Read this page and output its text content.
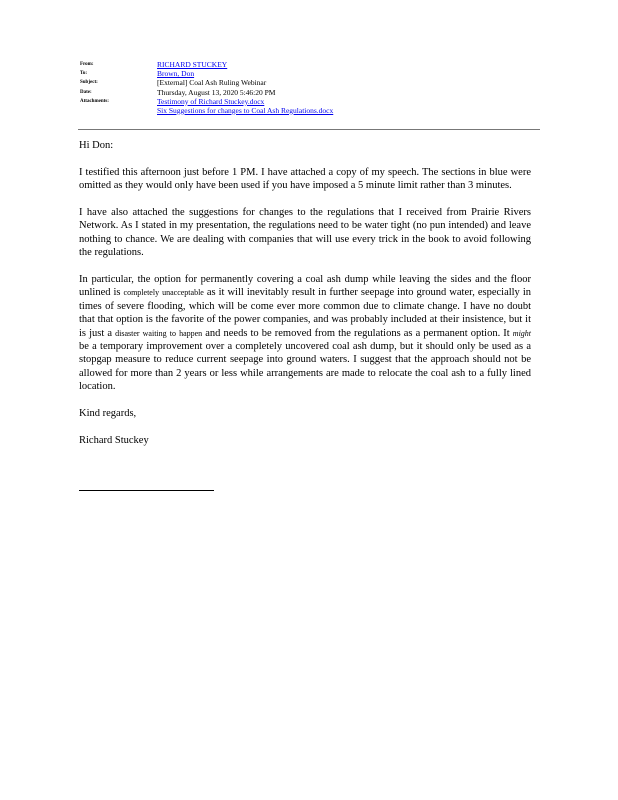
From:	RICHARD STUCKEY
To:	Brown, Don
Subject:	[External] Coal Ash Ruling Webinar
Date:	Thursday, August 13, 2020 5:46:20 PM
Attachments:	Testimony of Richard Stuckey.docx
Six Suggestions for changes to Coal Ash Regulations.docx

Hi Don:

I testified this afternoon just before 1 PM. I have attached a copy of my speech. The sections in blue were omitted as they would only have been used if you have imposed a 5 minute limit rather than 3 minutes.

I have also attached the suggestions for changes to the regulations that I received from Prairie Rivers Network. As I stated in my presentation, the regulations need to be water tight (no pun intended) and leave nothing to chance. We are dealing with companies that will use every trick in the book to avoid following the regulations.

In particular, the option for permanently covering a coal ash dump while leaving the sides and the floor unlined is completely unacceptable as it will inevitably result in further seepage into ground water, especially in times of severe flooding, which will be come ever more common due to climate change. I have no doubt that that option is the favorite of the power companies, and was probably included at their insistence, but it is just a disaster waiting to happen and needs to be removed from the regulations as a permanent option. It might be a temporary improvement over a completely uncovered coal ash dump, but it should only be used as a stopgap measure to reduce current seepage into ground waters. I suggest that the approach should not be allowed for more than 2 years or less while arrangements are made to relocate the coal ash to a fully lined location.

Kind regards,

Richard Stuckey
